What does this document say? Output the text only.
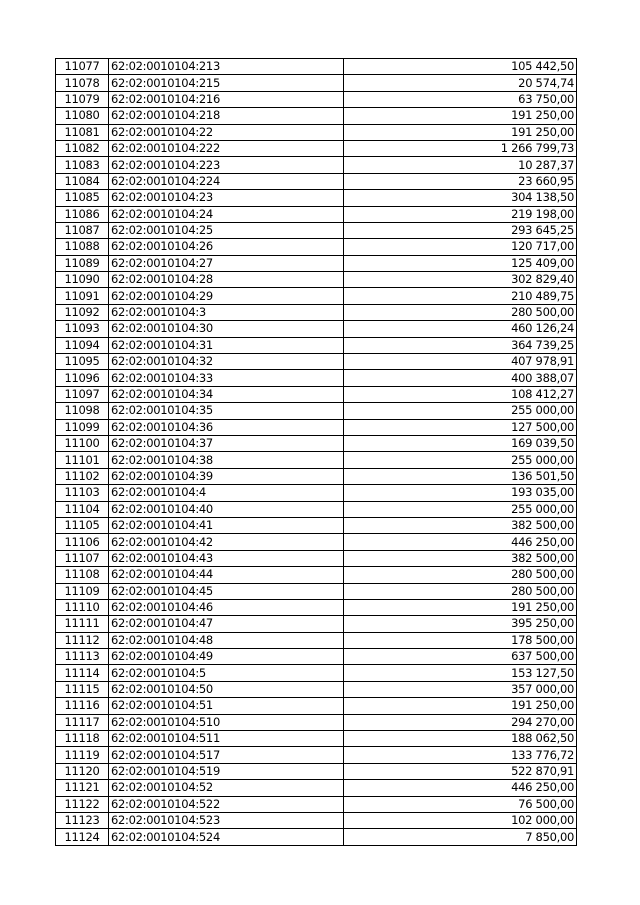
11077	62:02:0010104:213	105 442,50
11078	62:02:0010104:215	20 574,74
11079	62:02:0010104:216	63 750,00
11080	62:02:0010104:218	191 250,00
11081	62:02:0010104:22	191 250,00
11082	62:02:0010104:222	1 266 799,73
11083	62:02:0010104:223	10 287,37
11084	62:02:0010104:224	23 660,95
11085	62:02:0010104:23	304 138,50
11086	62:02:0010104:24	219 198,00
11087	62:02:0010104:25	293 645,25
11088	62:02:0010104:26	120 717,00
11089	62:02:0010104:27	125 409,00
11090	62:02:0010104:28	302 829,40
11091	62:02:0010104:29	210 489,75
11092	62:02:0010104:3	280 500,00
11093	62:02:0010104:30	460 126,24
11094	62:02:0010104:31	364 739,25
11095	62:02:0010104:32	407 978,91
11096	62:02:0010104:33	400 388,07
11097	62:02:0010104:34	108 412,27
11098	62:02:0010104:35	255 000,00
11099	62:02:0010104:36	127 500,00
11100	62:02:0010104:37	169 039,50
11101	62:02:0010104:38	255 000,00
11102	62:02:0010104:39	136 501,50
11103	62:02:0010104:4	193 035,00
11104	62:02:0010104:40	255 000,00
11105	62:02:0010104:41	382 500,00
11106	62:02:0010104:42	446 250,00
11107	62:02:0010104:43	382 500,00
11108	62:02:0010104:44	280 500,00
11109	62:02:0010104:45	280 500,00
11110	62:02:0010104:46	191 250,00
11111	62:02:0010104:47	395 250,00
11112	62:02:0010104:48	178 500,00
11113	62:02:0010104:49	637 500,00
11114	62:02:0010104:5	153 127,50
11115	62:02:0010104:50	357 000,00
11116	62:02:0010104:51	191 250,00
11117	62:02:0010104:510	294 270,00
11118	62:02:0010104:511	188 062,50
11119	62:02:0010104:517	133 776,72
11120	62:02:0010104:519	522 870,91
11121	62:02:0010104:52	446 250,00
11122	62:02:0010104:522	76 500,00
11123	62:02:0010104:523	102 000,00
11124	62:02:0010104:524	7 850,00
